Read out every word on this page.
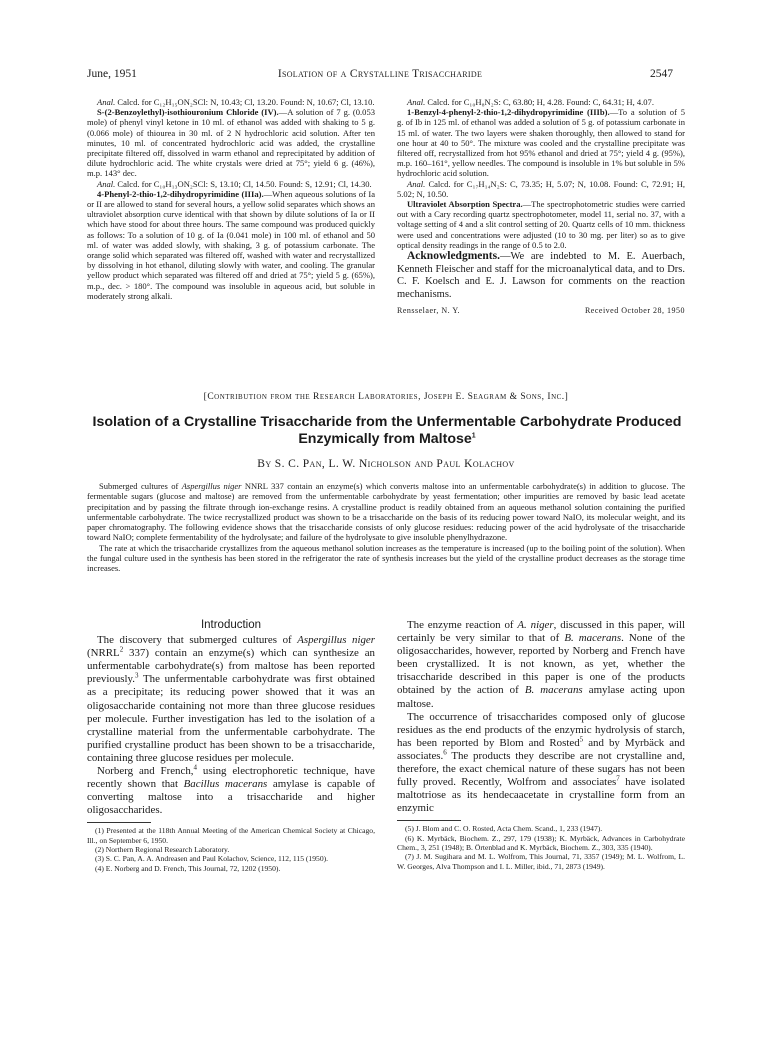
June, 1951	Isolation of a Crystalline Trisaccharide	2547

Anal. Calcd. for C₁₂H₁₅ON₂SCl: N, 10.43; Cl, 13.20. Found: N, 10.67; Cl, 13.10.

S-(2-Benzoylethyl)-isothiouronium Chloride (IV).—A solution of 7 g. (0.053 mole) of phenyl vinyl ketone in 10 ml. of ethanol was added with shaking to 5 g. (0.066 mole) of thiourea in 30 ml. of 2 N hydrochloric acid solution. After ten minutes, 10 ml. of concentrated hydrochloric acid was added, the crystalline precipitate filtered off, dissolved in warm ethanol and reprecipitated by addition of dilute hydrochloric acid. The white crystals were dried at 75°; yield 6 g. (46%), m.p. 143° dec.

Anal. Calcd. for C₁₀H₁₃ON₂SCl: S, 13.10; Cl, 14.50. Found: S, 12.91; Cl, 14.30.

4-Phenyl-2-thio-1,2-dihydropyrimidine (IIIa).—When aqueous solutions of Ia or II are allowed to stand for several hours, a yellow solid separates which shows an ultraviolet absorption curve identical with that shown by dilute solutions of Ia or II which have stood for about three hours. The same compound was produced quickly as follows: To a solution of 10 g. of Ia (0.041 mole) in 100 ml. of ethanol and 50 ml. of water was added slowly, with shaking, 3 g. of potassium carbonate. The orange solid which separated was filtered off, washed with water and recrystallized by dissolving in hot ethanol, diluting slowly with water, and cooling. The granular yellow product which separated was filtered off and dried at 75°; yield 5 g. (65%), m.p., dec. > 180°. The compound was insoluble in aqueous acid, but soluble in moderately strong alkali.

Anal. Calcd. for C₁₀H₈N₂S: C, 63.80; H, 4.28. Found: C, 64.31; H, 4.07.

1-Benzyl-4-phenyl-2-thio-1,2-dihydropyrimidine (IIIb).—To a solution of 5 g. of Ib in 125 ml. of ethanol was added a solution of 5 g. of potassium carbonate in 15 ml. of water. The two layers were shaken thoroughly, then allowed to stand for one hour at 40 to 50°. The mixture was cooled and the crystalline precipitate was filtered off, recrystallized from hot 95% ethanol and dried at 75°; yield 4 g. (95%), m.p. 160–161°, yellow needles. The compound is insoluble in 1% but soluble in 5% hydrochloric acid solution.

Anal. Calcd. for C₁₇H₁₄N₂S: C, 73.35; H, 5.07; N, 10.08. Found: C, 72.91; H, 5.02; N, 10.50.

Ultraviolet Absorption Spectra.—The spectrophotometric studies were carried out with a Cary recording quartz spectrophotometer, model 11, serial no. 37, with a voltage setting of 4 and a slit control setting of 20. Quartz cells of 10 mm. thickness were used and concentrations were adjusted (10 to 30 mg. per liter) so as to give optical density readings in the range of 0.5 to 2.0.

Acknowledgments.—We are indebted to M. E. Auerbach, Kenneth Fleischer and staff for the microanalytical data, and to Drs. C. F. Koelsch and E. J. Lawson for comments on the reaction mechanisms.

Rensselaer, N. Y.	Received October 28, 1950
[Contribution from the Research Laboratories, Joseph E. Seagram & Sons, Inc.]
Isolation of a Crystalline Trisaccharide from the Unfermentable Carbohydrate Produced Enzymically from Maltose$^1$
By S. C. Pan, L. W. Nicholson and Paul Kolachov

Submerged cultures of Aspergillus niger NNRL 337 contain an enzyme(s) which converts maltose into an unfermentable carbohydrate(s) in addition to glucose. The fermentable sugars (glucose and maltose) are removed from the unfermentable carbohydrate by yeast fermentation; other impurities are removed by basic lead acetate precipitation and by passing the filtrate through ion-exchange resins. A crystalline product is readily obtained from an aqueous methanol solution containing the purified unfermentable carbohydrate. The twice recrystallized product was shown to be a trisaccharide on the basis of its reducing power toward NaIO, its molecular weight, and its paper chromatography. The following evidence shows that the trisaccharide consists of only glucose residues: reducing power of the acid hydrolysate of the trisaccharide toward NaIO; complete fermentability of the hydrolysate; and failure of the hydrolysate to give insoluble phenylhydrazone.

The rate at which the trisaccharide crystallizes from the aqueous methanol solution increases as the temperature is increased (up to the boiling point of the solution). When the fungal culture used in the synthesis has been stored in the refrigerator the rate of synthesis increases but the yield of the crystalline product decreases as the storage time increases.

Introduction

The discovery that submerged cultures of Aspergillus niger (NRRL$^2$ 337) contain an enzyme(s) which can synthesize an unfermentable carbohydrate(s) from maltose has been reported previously.$^3$ The unfermentable carbohydrate was first obtained as a precipitate; its reducing power showed that it was an oligosaccharide containing not more than three glucose residues per molecule. Further investigation has led to the isolation of a crystalline material from the unfermentable carbohydrate. The purified crystalline product has been shown to be a trisaccharide, containing three glucose residues per molecule.

Norberg and French,$^4$ using electrophoretic technique, have recently shown that Bacillus macerans amylase is capable of converting maltose into a trisaccharide and higher oligosaccharides.

(1) Presented at the 118th Annual Meeting of the American Chemical Society at Chicago, Ill., on September 6, 1950.

(2) Northern Regional Research Laboratory.

(3) S. C. Pan, A. A. Andreasen and Paul Kolachov, Science, 112, 115 (1950).

(4) E. Norberg and D. French, This Journal, 72, 1202 (1950).

The enzyme reaction of A. niger, discussed in this paper, will certainly be very similar to that of B. macerans. None of the oligosaccharides, however, reported by Norberg and French have been crystallized. It is not known, as yet, whether the trisaccharide described in this paper is one of the products obtained by the action of B. macerans amylase acting upon maltose.

The occurrence of trisaccharides composed only of glucose residues as the end products of the enzymic hydrolysis of starch, has been reported by Blom and Rosted$^5$ and by Myrbäck and associates.$^6$ The products they describe are not crystalline and, therefore, the exact chemical nature of these sugars has not been fully proved. Recently, Wolfrom and associates$^7$ have isolated maltotriose as its hendecaacetate in crystalline form from an enzymic

(5) J. Blom and C. O. Rosted, Acta Chem. Scand., 1, 233 (1947).

(6) K. Myrbäck, Biochem. Z., 297, 179 (1938); K. Myrbäck, Advances in Carbohydrate Chem., 3, 251 (1948); B. Örtenblad and K. Myrbäck, Biochem. Z., 303, 335 (1940).

(7) J. M. Sugihara and M. L. Wolfrom, This Journal, 71, 3357 (1949); M. L. Wolfrom, L. W. Georges, Alva Thompson and I. L. Miller, ibid., 71, 2873 (1949).
